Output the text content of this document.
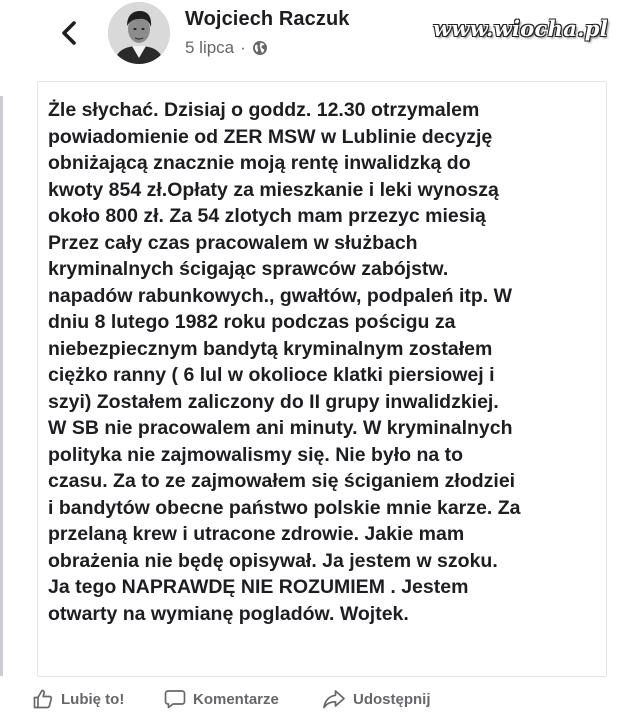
Wojciech Raczuk
5 lipca ·
www.wiocha.pl

Żle słychać. Dzisiaj o goddz. 12.30 otrzymalem
powiadomienie od ZER MSW w Lublinie decyzję
obniżającą znacznie moją rentę inwalidzką do
kwoty 854 zł.Opłaty za mieszkanie i leki wynoszą
około 800 zł. Za 54 zlotych mam przezyc miesią
Przez cały czas pracowalem w służbach
kryminalnych ścigając sprawców zabójstw.
napadów rabunkowych., gwałtów, podpaleń itp. W
dniu 8 lutego 1982 roku podczas pościgu za
niebezpiecznym bandytą kryminalnym zostałem
ciężko ranny ( 6 lul w okolioce klatki piersiowej i
szyi) Zostałem zaliczony do II grupy inwalidzkiej.
W SB nie pracowalem ani minuty. W kryminalnych
polityka nie zajmowalismy się. Nie było na to
czasu. Za to ze zajmowałem się ściganiem złodziei
i bandytów obecne państwo polskie mnie karze. Za
przelaną krew i utracone zdrowie. Jakie mam
obrażenia nie będę opisywał. Ja jestem w szoku.
Ja tego NAPRAWDĘ NIE ROZUMIEM . Jestem
otwarty na wymianę pogladów. Wojtek.

Lubię to!	Komentarze	Udostępnij
